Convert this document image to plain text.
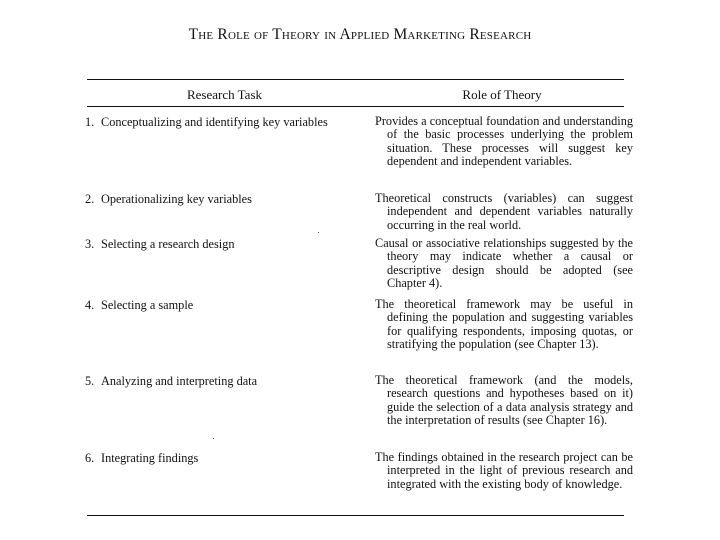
The Role of Theory in Applied Marketing Research
Research Task	Role of Theory
1. Conceptualizing and identifying key variables	Provides a conceptual foundation and understanding of the basic processes underlying the problem situation. These processes will suggest key dependent and independent variables.
2. Operationalizing key variables	Theoretical constructs (variables) can suggest independent and dependent variables naturally occurring in the real world.
3. Selecting a research design	Causal or associative relationships suggested by the theory may indicate whether a causal or descriptive design should be adopted (see Chapter 4).
4. Selecting a sample	The theoretical framework may be useful in defining the population and suggesting variables for qualifying respondents, imposing quotas, or stratifying the population (see Chapter 13).
5. Analyzing and interpreting data	The theoretical framework (and the models, research questions and hypotheses based on it) guide the selection of a data analysis strategy and the interpretation of results (see Chapter 16).
6. Integrating findings	The findings obtained in the research project can be interpreted in the light of previous research and integrated with the existing body of knowledge.
